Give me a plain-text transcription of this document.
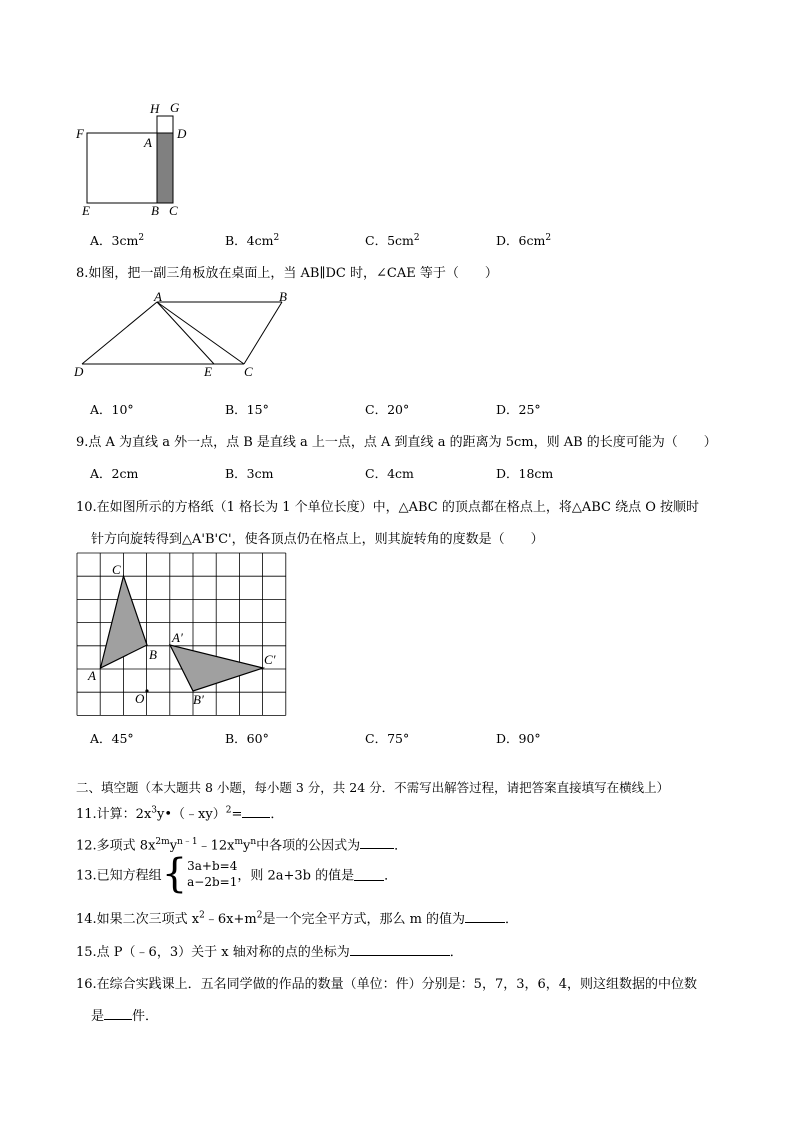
H G
F
A
D
E	B C
A．$3cm^2$	B．$4cm^2$	C．$5cm^2$	D．$6cm^2$
8.如图，把一副三角板放在桌面上，当 AB∥DC 时，∠CAE 等于（　　）
A	B
D	E C
A．10°	B．15°	C．20°	D．25°
9.点 A 为直线 a 外一点，点 B 是直线 a 上一点，点 A 到直线 a 的距离为 5cm，则 AB 的长度可能为（　　）
A．2cm	B．3cm	C．4cm	D．18cm
10.在如图所示的方格纸（1 格长为 1 个单位长度）中，△ABC 的顶点都在格点上，将△ABC 绕点 O 按顺时
针方向旋转得到△A'B'C'，使各顶点仍在格点上，则其旋转角的度数是（　　）
C
A
B
A′
C′
B′
O
A．45°	B．60°	C．75°	D．90°
二、填空题（本大题共 8 小题，每小题 3 分，共 24 分．不需写出解答过程，请把答案直接填写在横线上）
11.计算：$2x^3y•(﹣xy)^2=$ ．
12.多项式 $8x^{2m}y^{n﹣1}﹣12x^my^n$中各项的公因式为	．
13.已知方程组{3a+b=4
a−2b=1，则 2a+3b 的值是 ．
14.如果二次三项式 $x^2﹣6x+m^2$是一个完全平方式，那么 m 的值为	．
15.点 P（﹣6，3）关于 x 轴对称的点的坐标为	．
16.在综合实践课上．五名同学做的作品的数量（单位：件）分别是：5，7，3，6，4，则这组数据的中位数
是 件．
